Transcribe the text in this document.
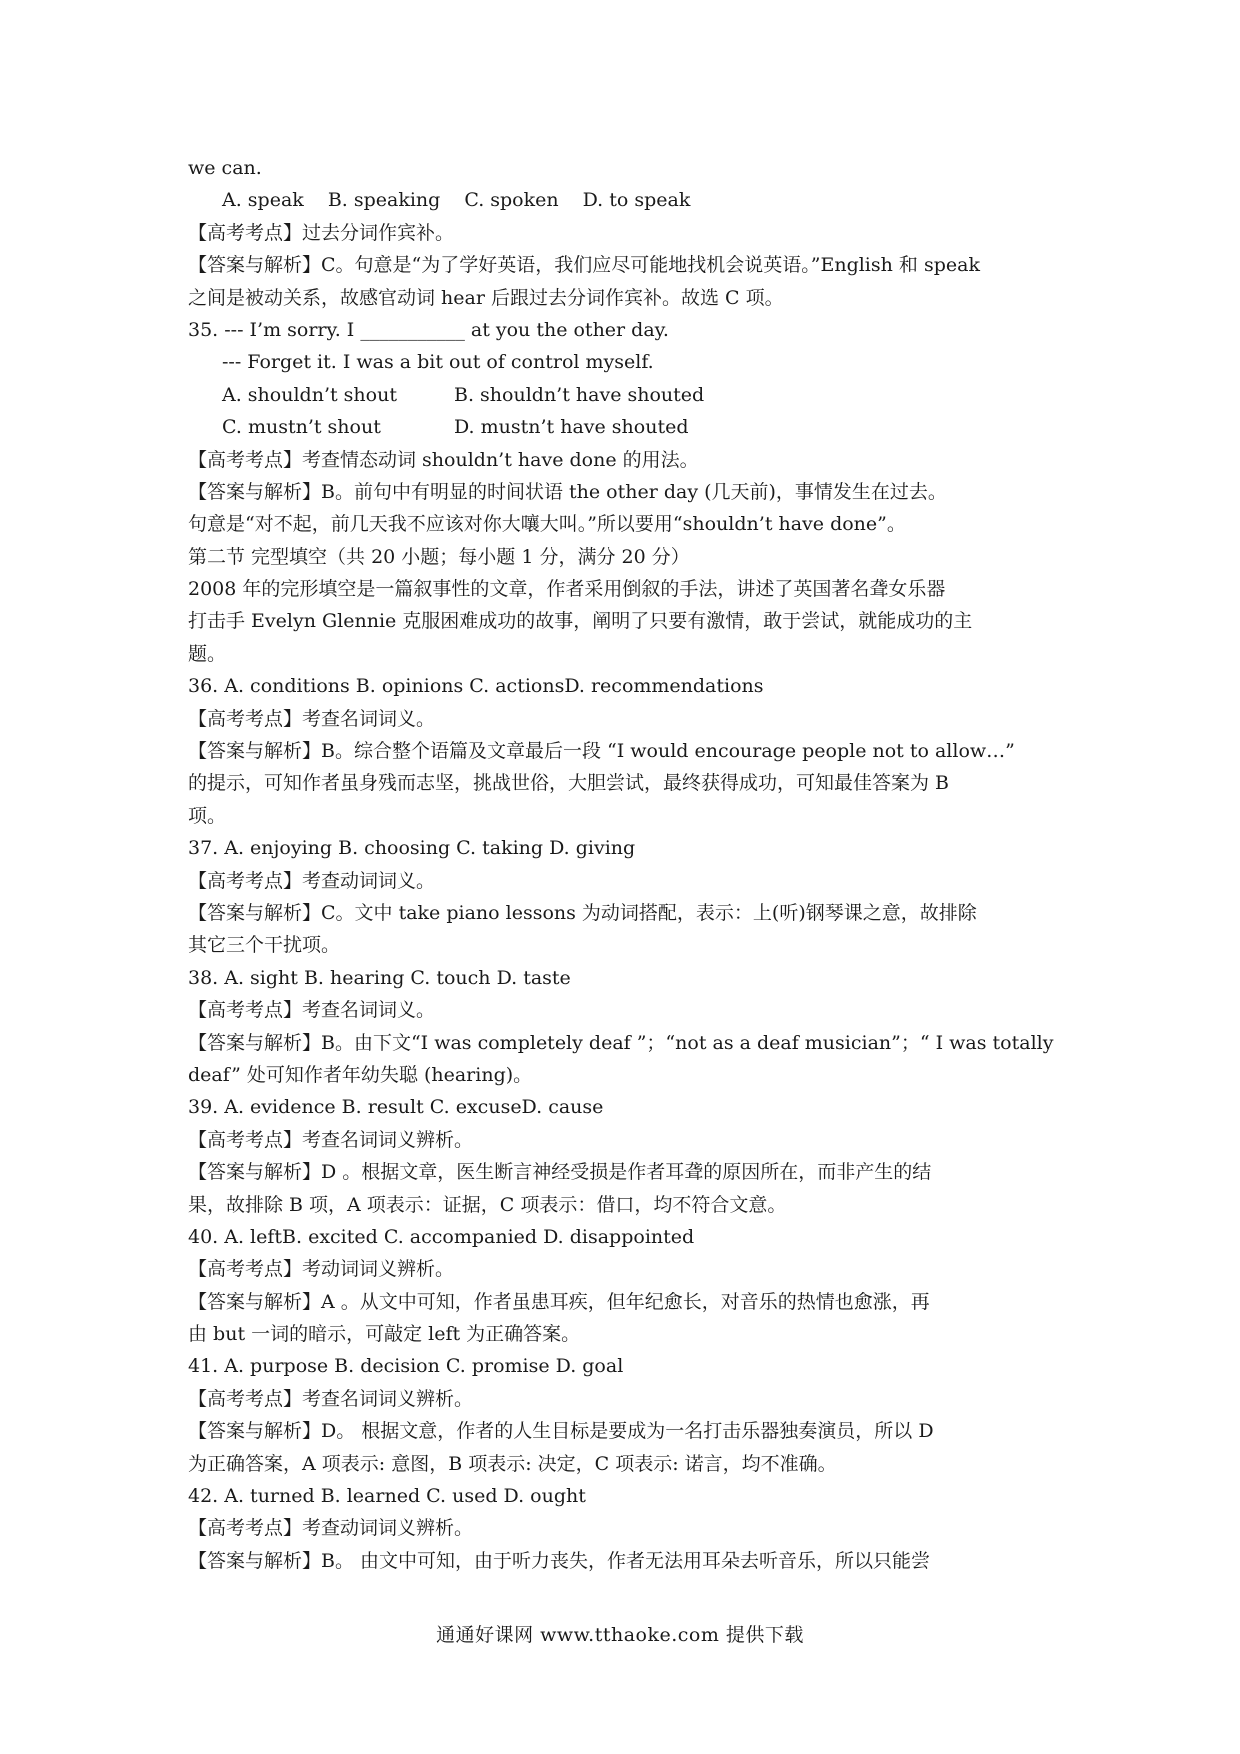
we can.
A. speak B. speaking C. spoken D. to speak
【高考考点】过去分词作宾补。
【答案与解析】C。句意是“为了学好英语，我们应尽可能地找机会说英语。”English 和 speak
之间是被动关系，故感官动词 hear 后跟过去分词作宾补。故选 C 项。
35. --- I’m sorry. I ___________ at you the other day.
--- Forget it. I was a bit out of control myself.
A. shouldn’t shout	B. shouldn’t have shouted
C. mustn’t shout	D. mustn’t have shouted
【高考考点】考查情态动词 shouldn’t have done 的用法。
【答案与解析】B。前句中有明显的时间状语 the other day (几天前)，事情发生在过去。
句意是“对不起，前几天我不应该对你大嚷大叫。”所以要用“shouldn’t have done”。
第二节 完型填空（共 20 小题；每小题 1 分，满分 20 分）
2008 年的完形填空是一篇叙事性的文章，作者采用倒叙的手法，讲述了英国著名聋女乐器
打击手 Evelyn Glennie 克服困难成功的故事，阐明了只要有激情，敢于尝试，就能成功的主
题。
36. A. conditions B. opinions C. actionsD. recommendations
【高考考点】考查名词词义。
【答案与解析】B。综合整个语篇及文章最后一段 “I would encourage people not to allow…”
的提示，可知作者虽身残而志坚，挑战世俗，大胆尝试，最终获得成功，可知最佳答案为 B
项。
37. A. enjoying B. choosing C. taking D. giving
【高考考点】考查动词词义。
【答案与解析】C。文中 take piano lessons 为动词搭配，表示：上(听)钢琴课之意，故排除
其它三个干扰项。
38. A. sight B. hearing C. touch D. taste
【高考考点】考查名词词义。
【答案与解析】B。由下文“I was completely deaf ”；“not as a deaf musician”；“ I was totally
deaf” 处可知作者年幼失聪 (hearing)。
39. A. evidence B. result C. excuseD. cause
【高考考点】考查名词词义辨析。
【答案与解析】D 。根据文章，医生断言神经受损是作者耳聋的原因所在，而非产生的结
果，故排除 B 项，A 项表示：证据，C 项表示：借口，均不符合文意。
40. A. leftB. excited C. accompanied D. disappointed
【高考考点】考动词词义辨析。
【答案与解析】A 。从文中可知，作者虽患耳疾，但年纪愈长，对音乐的热情也愈涨，再
由 but 一词的暗示，可敲定 left 为正确答案。
41. A. purpose B. decision C. promise D. goal
【高考考点】考查名词词义辨析。
【答案与解析】D。 根据文意，作者的人生目标是要成为一名打击乐器独奏演员，所以 D
为正确答案，A 项表示: 意图，B 项表示: 决定，C 项表示: 诺言，均不准确。
42. A. turned B. learned C. used D. ought
【高考考点】考查动词词义辨析。
【答案与解析】B。 由文中可知，由于听力丧失，作者无法用耳朵去听音乐，所以只能尝
通通好课网 www.tthaoke.com 提供下载
